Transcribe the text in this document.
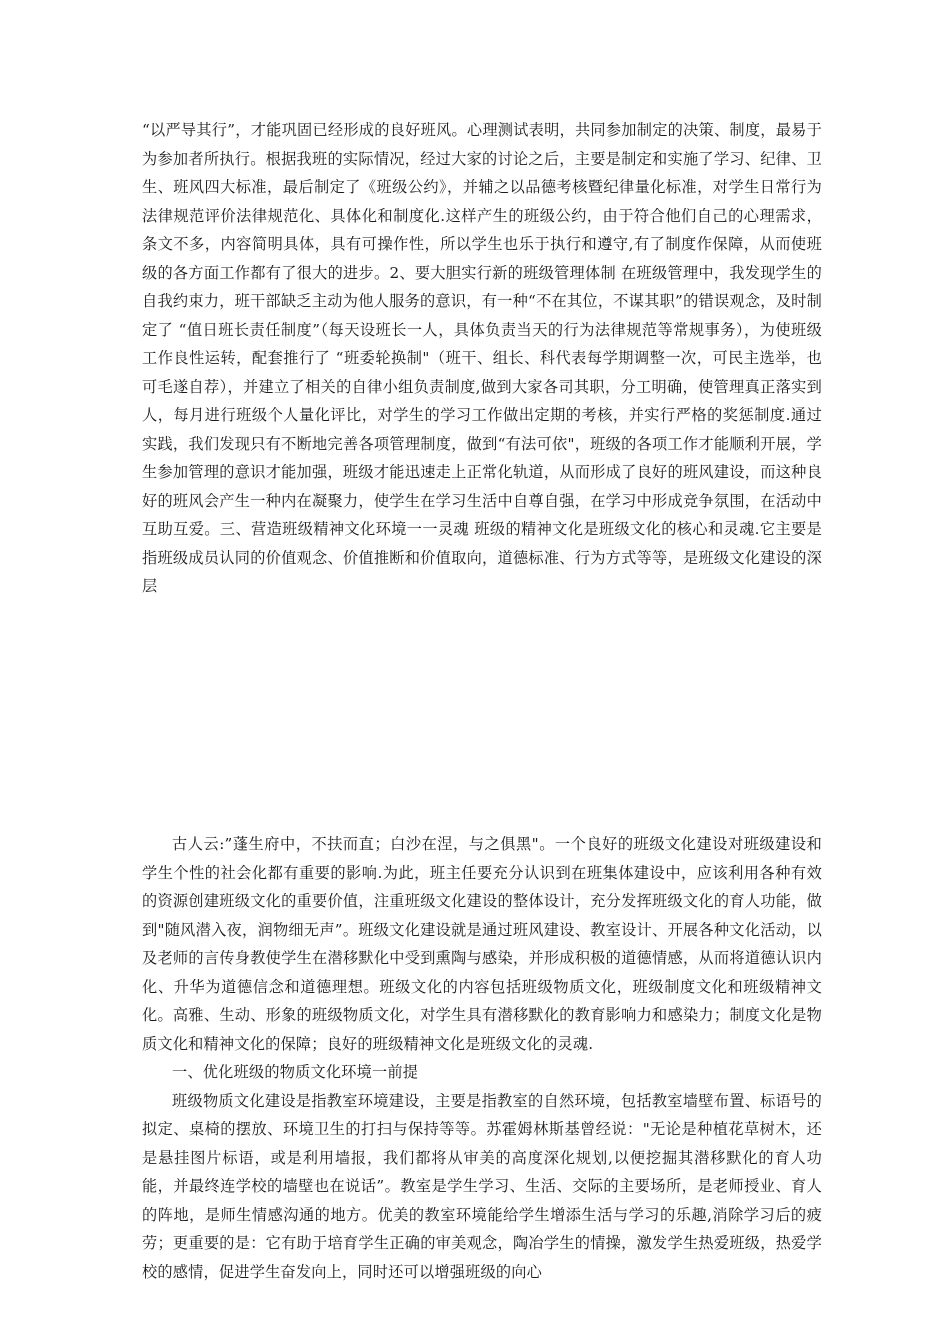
“以严导其行”，才能巩固已经形成的良好班风。心理测试表明，共同参加制定的决策、制度，最易于为参加者所执行。根据我班的实际情况，经过大家的讨论之后，主要是制定和实施了学习、纪律、卫生、班风四大标准，最后制定了《班级公约》，并辅之以品德考核暨纪律量化标准，对学生日常行为法律规范评价法律规范化、具体化和制度化.这样产生的班级公约，由于符合他们自己的心理需求，条文不多，内容简明具体，具有可操作性，所以学生也乐于执行和遵守,有了制度作保障，从而使班级的各方面工作都有了很大的进步。2、要大胆实行新的班级管理体制 在班级管理中，我发现学生的自我约束力，班干部缺乏主动为他人服务的意识，有一种“不在其位，不谋其职”的错误观念，及时制定了 “值日班长责任制度”（每天设班长一人，具体负责当天的行为法律规范等常规事务），为使班级工作良性运转，配套推行了 “班委轮换制"（班干、组长、科代表每学期调整一次，可民主选举，也可毛遂自荐），并建立了相关的自律小组负责制度,做到大家各司其职，分工明确，使管理真正落实到人，每月进行班级个人量化评比，对学生的学习工作做出定期的考核，并实行严格的奖惩制度.通过实践，我们发现只有不断地完善各项管理制度，做到“有法可依"，班级的各项工作才能顺利开展，学生参加管理的意识才能加强，班级才能迅速走上正常化轨道，从而形成了良好的班风建设，而这种良好的班风会产生一种内在凝聚力，使学生在学习生活中自尊自强，在学习中形成竞争氛围，在活动中互助互爱。三、营造班级精神文化环境一一灵魂 班级的精神文化是班级文化的核心和灵魂.它主要是指班级成员认同的价值观念、价值推断和价值取向，道德标准、行为方式等等，是班级文化建设的深层

古人云:”蓬生府中，不扶而直；白沙在涅，与之俱黑"。一个良好的班级文化建设对班级建设和学生个性的社会化都有重要的影响.为此，班主任要充分认识到在班集体建设中，应该利用各种有效的资源创建班级文化的重要价值，注重班级文化建设的整体设计，充分发挥班级文化的育人功能，做到"随风潜入夜，润物细无声”。班级文化建设就是通过班风建设、教室设计、开展各种文化活动，以及老师的言传身教使学生在潜移默化中受到熏陶与感染，并形成积极的道德情感，从而将道德认识内化、升华为道德信念和道德理想。班级文化的内容包括班级物质文化，班级制度文化和班级精神文化。高雅、生动、形象的班级物质文化，对学生具有潜移默化的教育影响力和感染力；制度文化是物质文化和精神文化的保障；良好的班级精神文化是班级文化的灵魂.

一、优化班级的物质文化环境一前提

班级物质文化建设是指教室环境建设，主要是指教室的自然环境，包括教室墙壁布置、标语号的拟定、桌椅的摆放、环境卫生的打扫与保持等等。苏霍姆林斯基曾经说："无论是种植花草树木，还是悬挂图片标语，或是利用墙报，我们都将从审美的高度深化规划,以便挖掘其潜移默化的育人功能，并最终连学校的墙壁也在说话”。教室是学生学习、生活、交际的主要场所，是老师授业、育人的阵地，是师生情感沟通的地方。优美的教室环境能给学生增添生活与学习的乐趣,消除学习后的疲劳；更重要的是：它有助于培育学生正确的审美观念，陶冶学生的情操，激发学生热爱班级，热爱学校的感情，促进学生奋发向上，同时还可以增强班级的向心
